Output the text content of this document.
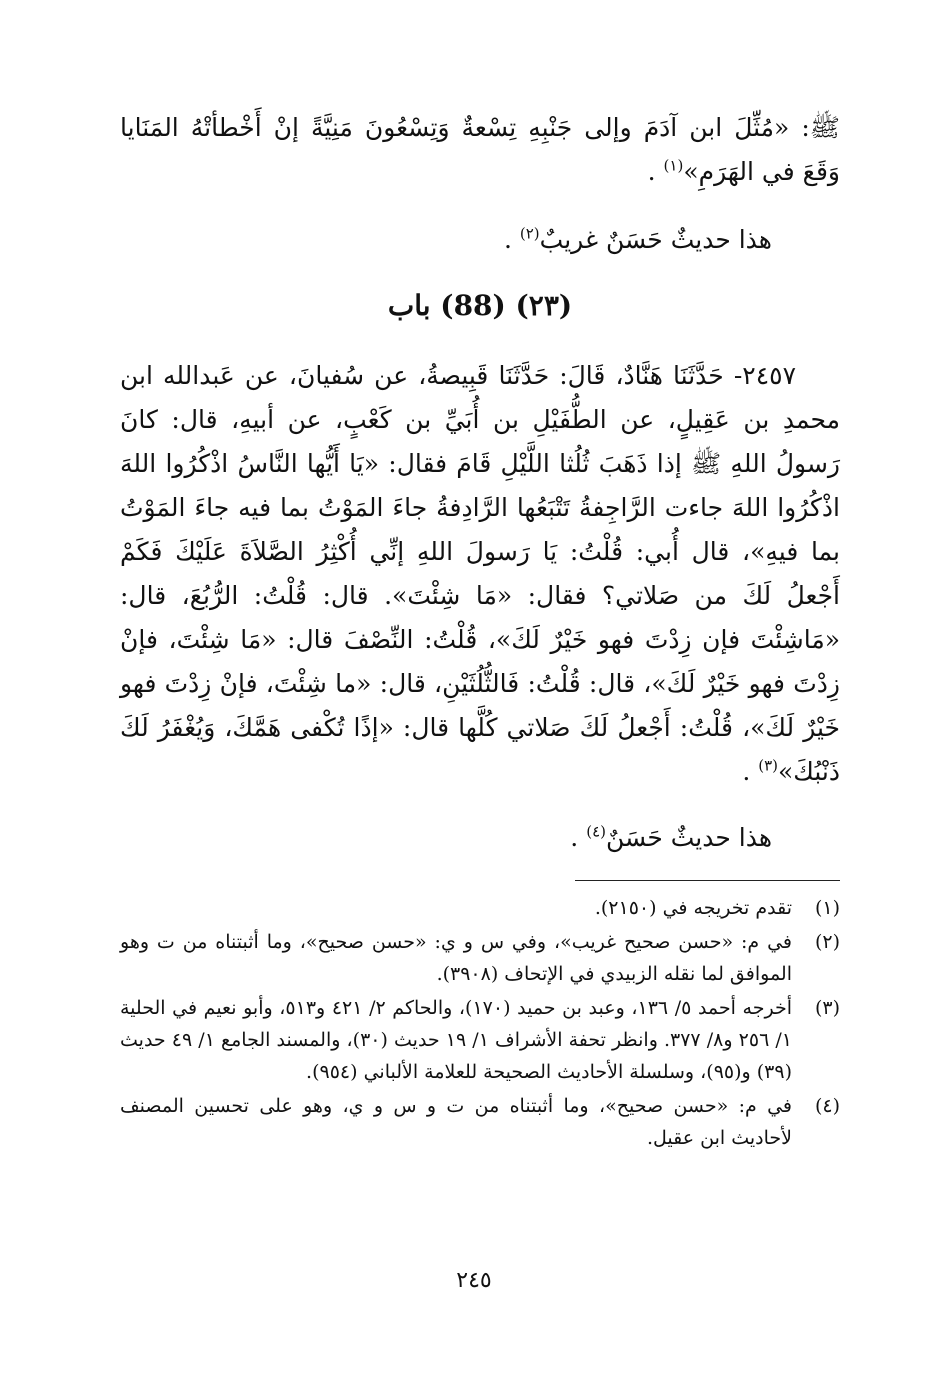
ﷺ: «مُثِّلَ ابن آدَمَ وإلى جَنْبِهِ تِسْعةٌ وَتِسْعُونَ مَنِيَّةً إنْ أَخْطأتْهُ المَنَايا وَقَعَ في الهَرَمِ»$^{(١)}$ .
هذا حديثٌ حَسَنٌ غريبٌ$^{(٢)}$ .
(٢٣) (88) باب
٢٤٥٧- حَدَّثَنَا هَنَّادٌ، قَالَ: حَدَّثَنَا قَبِيصةُ، عن سُفيانَ، عن عَبدالله ابن محمدِ بن عَقِيلٍ، عن الطُّفَيْلِ بن أُبَيِّ بن كَعْبٍ، عن أبيهِ، قال: كانَ رَسولُ اللهِ ﷺ إذا ذَهَبَ ثُلُثا اللَّيْلِ قَامَ فقال: «يَا أَيُّها النَّاسُ اذْكُرُوا اللهَ اذْكُرُوا اللهَ جاءت الرَّاجِفةُ تَتْبَعُها الرَّادِفةُ جاءَ المَوْتُ بما فيه جاءَ المَوْتُ بما فيهِ»، قال أُبي: قُلْتُ: يَا رَسولَ اللهِ إنِّي أُكْثِرُ الصَّلاَةَ عَلَيْكَ فَكَمْ أَجْعلُ لَكَ من صَلاتي؟ فقال: «مَا شِئْتَ». قال: قُلْتُ: الرُّبُعَ، قال: «مَاشِئْتَ فإن زِدْتَ فهو خَيْرٌ لَكَ»، قُلْتُ: النِّصْفَ قال: «مَا شِئْتَ، فإنْ زِدْتَ فهو خَيْرٌ لَكَ»، قال: قُلْتُ: فَالثُّلُثَيْنِ، قال: «ما شِئْتَ، فإنْ زِدْتَ فهو خَيْرٌ لَكَ»، قُلْتُ: أَجْعلُ لَكَ صَلاتي كُلَّها قال: «إذًا تُكْفى هَمَّكَ، وَيُغْفَرُ لَكَ ذَنْبُكَ»$^{(٣)}$ .
هذا حديثٌ حَسَنٌ$^{(٤)}$ .
(١)
تقدم تخريجه في (٢١٥٠).
(٢)
في م: «حسن صحيح غريب»، وفي س و ي: «حسن صحيح»، وما أثبتناه من ت وهو الموافق لما نقله الزبيدي في الإتحاف (٣٩٠٨).
(٣)
أخرجه أحمد ٥/ ١٣٦، وعبد بن حميد (١٧٠)، والحاكم ٢/ ٤٢١ و٥١٣، وأبو نعيم في الحلية ١/ ٢٥٦ و٨/ ٣٧٧. وانظر تحفة الأشراف ١/ ١٩ حديث (٣٠)، والمسند الجامع ١/ ٤٩ حديث (٣٩) و(٩٥)، وسلسلة الأحاديث الصحيحة للعلامة الألباني (٩٥٤).
(٤)
في م: «حسن صحيح»، وما أثبتناه من ت و س و ي، وهو على تحسين المصنف لأحاديث ابن عقيل.
٢٤٥
